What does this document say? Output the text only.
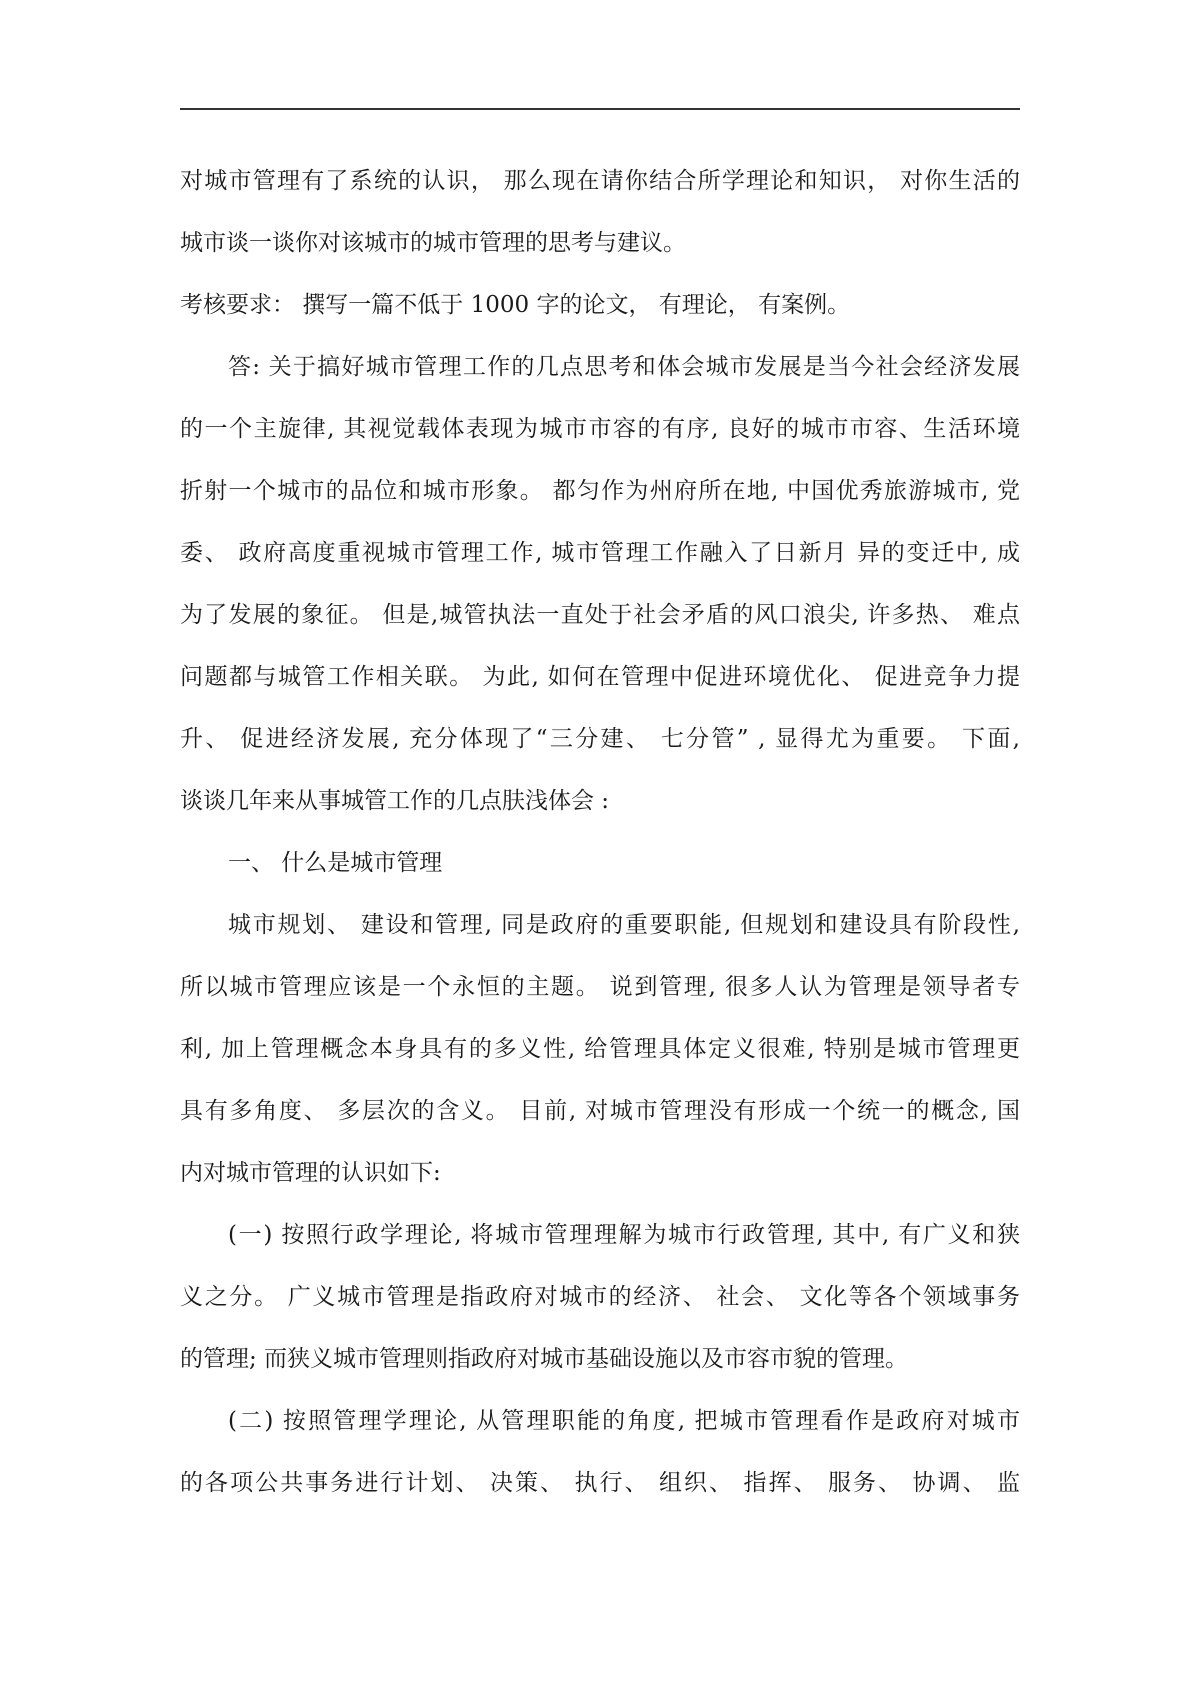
对城市管理有了系统的认识， 那么现在请你结合所学理论和知识， 对你生活的
城市谈一谈你对该城市的城市管理的思考与建议。
考核要求： 撰写一篇不低于 1000 字的论文， 有理论， 有案例。
答: 关于搞好城市管理工作的几点思考和体会城市发展是当今社会经济发展
的一个主旋律, 其视觉载体表现为城市市容的有序, 良好的城市市容、生活环境
折射一个城市的品位和城市形象。 都匀作为州府所在地, 中国优秀旅游城市, 党
委、 政府高度重视城市管理工作, 城市管理工作融入了日新月 异的变迁中, 成
为了发展的象征。 但是,城管执法一直处于社会矛盾的风口浪尖, 许多热、 难点
问题都与城管工作相关联。 为此, 如何在管理中促进环境优化、 促进竞争力提
升、 促进经济发展, 充分体现了“三分建、 七分管” , 显得尤为重要。 下面,
谈谈几年来从事城管工作的几点肤浅体会 :
一、 什么是城市管理
城市规划、 建设和管理, 同是政府的重要职能, 但规划和建设具有阶段性,
所以城市管理应该是一个永恒的主题。 说到管理, 很多人认为管理是领导者专
利, 加上管理概念本身具有的多义性, 给管理具体定义很难, 特别是城市管理更
具有多角度、 多层次的含义。 目前, 对城市管理没有形成一个统一的概念, 国
内对城市管理的认识如下:
(一) 按照行政学理论, 将城市管理理解为城市行政管理, 其中, 有广义和狭
义之分。 广义城市管理是指政府对城市的经济、 社会、 文化等各个领域事务
的管理; 而狭义城市管理则指政府对城市基础设施以及市容市貌的管理。
(二) 按照管理学理论, 从管理职能的角度, 把城市管理看作是政府对城市
的各项公共事务进行计划、 决策、 执行、 组织、 指挥、 服务、 协调、 监
